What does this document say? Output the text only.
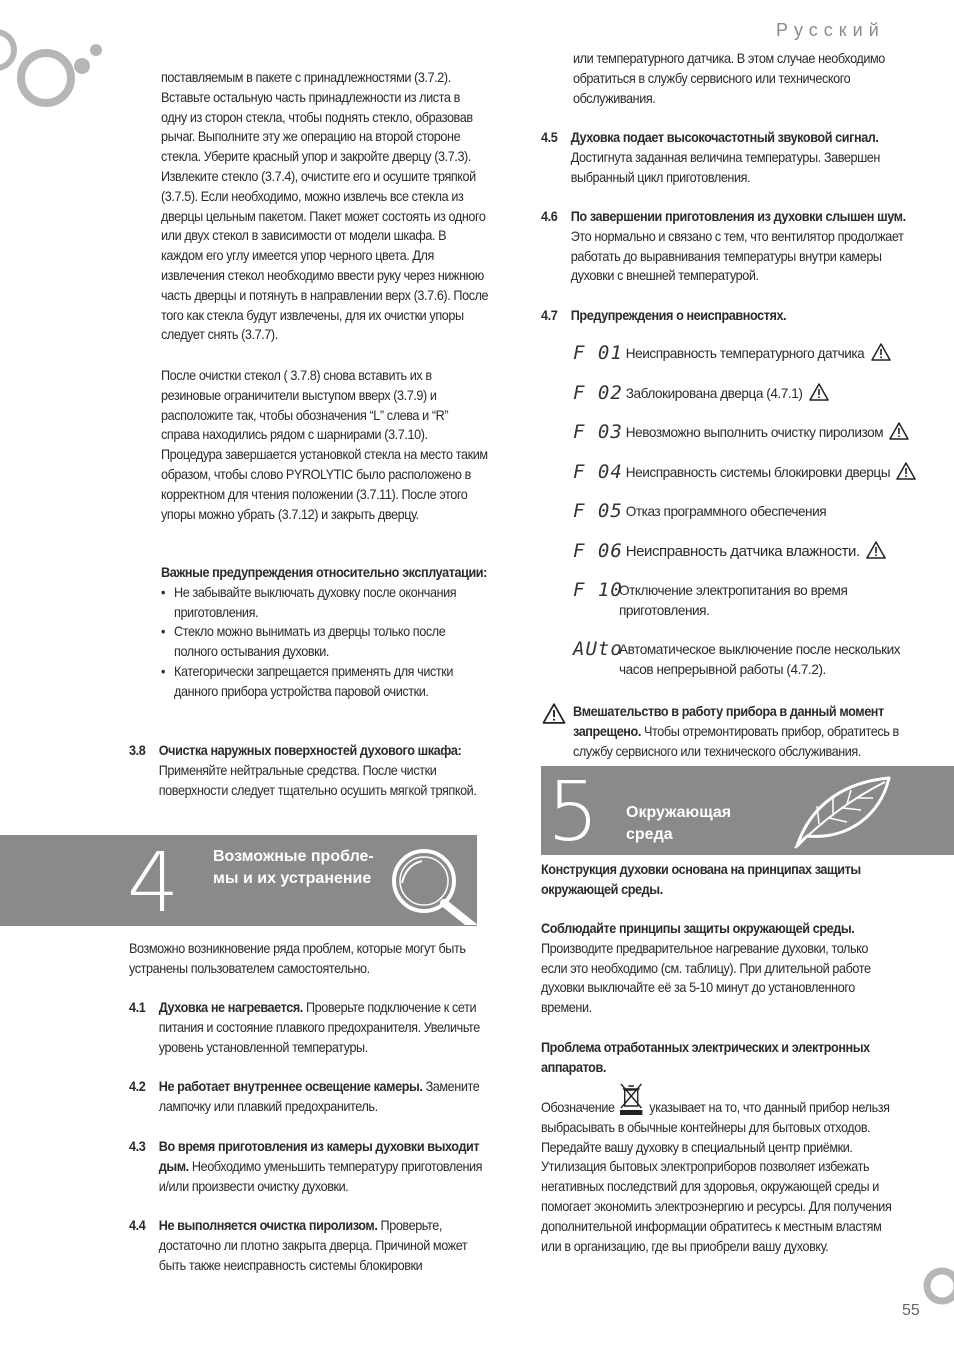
Русский

поставляемым в пакете с принадлежностями (3.7.2). Вставьте остальную часть принадлежности из листа в одну из сторон стекла, чтобы поднять стекло, образовав рычаг. Выполните эту же операцию на второй стороне стекла. Уберите красный упор и закройте дверцу (3.7.3). Извлеките стекло (3.7.4), очистите его и осушите тряпкой (3.7.5). Если необходимо, можно извлечь все стекла из дверцы цельным пакетом. Пакет может состоять из одного или двух стекол в зависимости от модели шкафа. В каждом его углу имеется упор черного цвета. Для извлечения стекол необходимо ввести руку через нижнюю часть дверцы и потянуть в направлении верх (3.7.6). После того как стекла будут извлечены, для их очистки упоры следует снять (3.7.7).

После очистки стекол ( 3.7.8) снова вставить их в резиновые ограничители выступом вверх (3.7.9) и расположите так, чтобы обозначения “L” слева и “R” справа находились рядом с шарнирами (3.7.10). Процедура завершается установкой стекла на место таким образом, чтобы слово PYROLYTIC было расположено в корректном для чтения положении (3.7.11). После этого упоры можно убрать (3.7.12) и закрыть дверцу.

Важные предупреждения относительно эксплуатации:

• Не забывайте выключать духовку после окончания приготовления.
• Стекло можно вынимать из дверцы только после полного остывания духовки.
• Категорически запрещается применять для чистки данного прибора устройства паровой очистки.
3.8 Очистка наружных поверхностей духового шкафа: Применяйте нейтральные средства. После чистки поверхности следует тщательно осушить мягкой тряпкой.
4 Возможные пробле-мы и их устранение

Возможно возникновение ряда проблем, которые могут быть устранены пользователем самостоятельно.

4.1 Духовка не нагревается. Проверьте подключение к сети питания и состояние плавкого предохранителя. Увеличьте уровень установленной температуры.
4.2 Не работает внутреннее освещение камеры. Замените лампочку или плавкий предохранитель.
4.3 Во время приготовления из камеры духовки выходит дым. Необходимо уменьшить температуру приготовления и/или произвести очистку духовки.
4.4 Не выполняется очистка пиролизом. Проверьте, достаточно ли плотно закрыта дверца. Причиной может быть также неисправность системы блокировки

или температурного датчика. В этом случае необходимо обратиться в службу сервисного или технического обслуживания.

4.5 Духовка подает высокочастотный звуковой сигнал. Достигнута заданная величина температуры. Завершен выбранный цикл приготовления.
4.6 По завершении приготовления из духовки слышен шум. Это нормально и связано с тем, что вентилятор продолжает работать до выравнивания температуры внутри камеры духовки с внешней температурой.
4.7 Предупреждения о неисправностях.
F 01 Неисправность температурного датчика
F 02 Заблокирована дверца (4.7.1)
F 03 Невозможно выполнить очистку пиролизом
F 04 Неисправность системы блокировки дверцы
F 05 Отказ программного обеспечения
F 06 Неисправность датчика влажности.
F 10
Отключение электропитания во время приготовления.
AUto
Автоматическое выключение после нескольких часов непрерывной работы (4.7.2).
Вмешательство в работу прибора в данный момент запрещено. Чтобы отремонтировать прибор, обратитесь в службу сервисного или технического обслуживания.
5 Окружающая среда

Конструкция духовки основана на принципах защиты окружающей среды.

Соблюдайте принципы защиты окружающей среды.
Производите предварительное нагревание духовки, только если это необходимо (см. таблицу). При длительной работе духовки выключайте её за 5-10 минут до установленного времени.

Проблема отработанных электрических и электронных аппаратов.

Обозначение указывает на то, что данный прибор нельзя выбрасывать в обычные контейнеры для бытовых отходов. Передайте вашу духовку в специальный центр приёмки. Утилизация бытовых электроприборов позволяет избежать негативных последствий для здоровья, окружающей среды и помогает экономить электроэнергию и ресурсы. Для получения дополнительной информации обратитесь к местным властям или в организацию, где вы приобрели вашу духовку.

55
